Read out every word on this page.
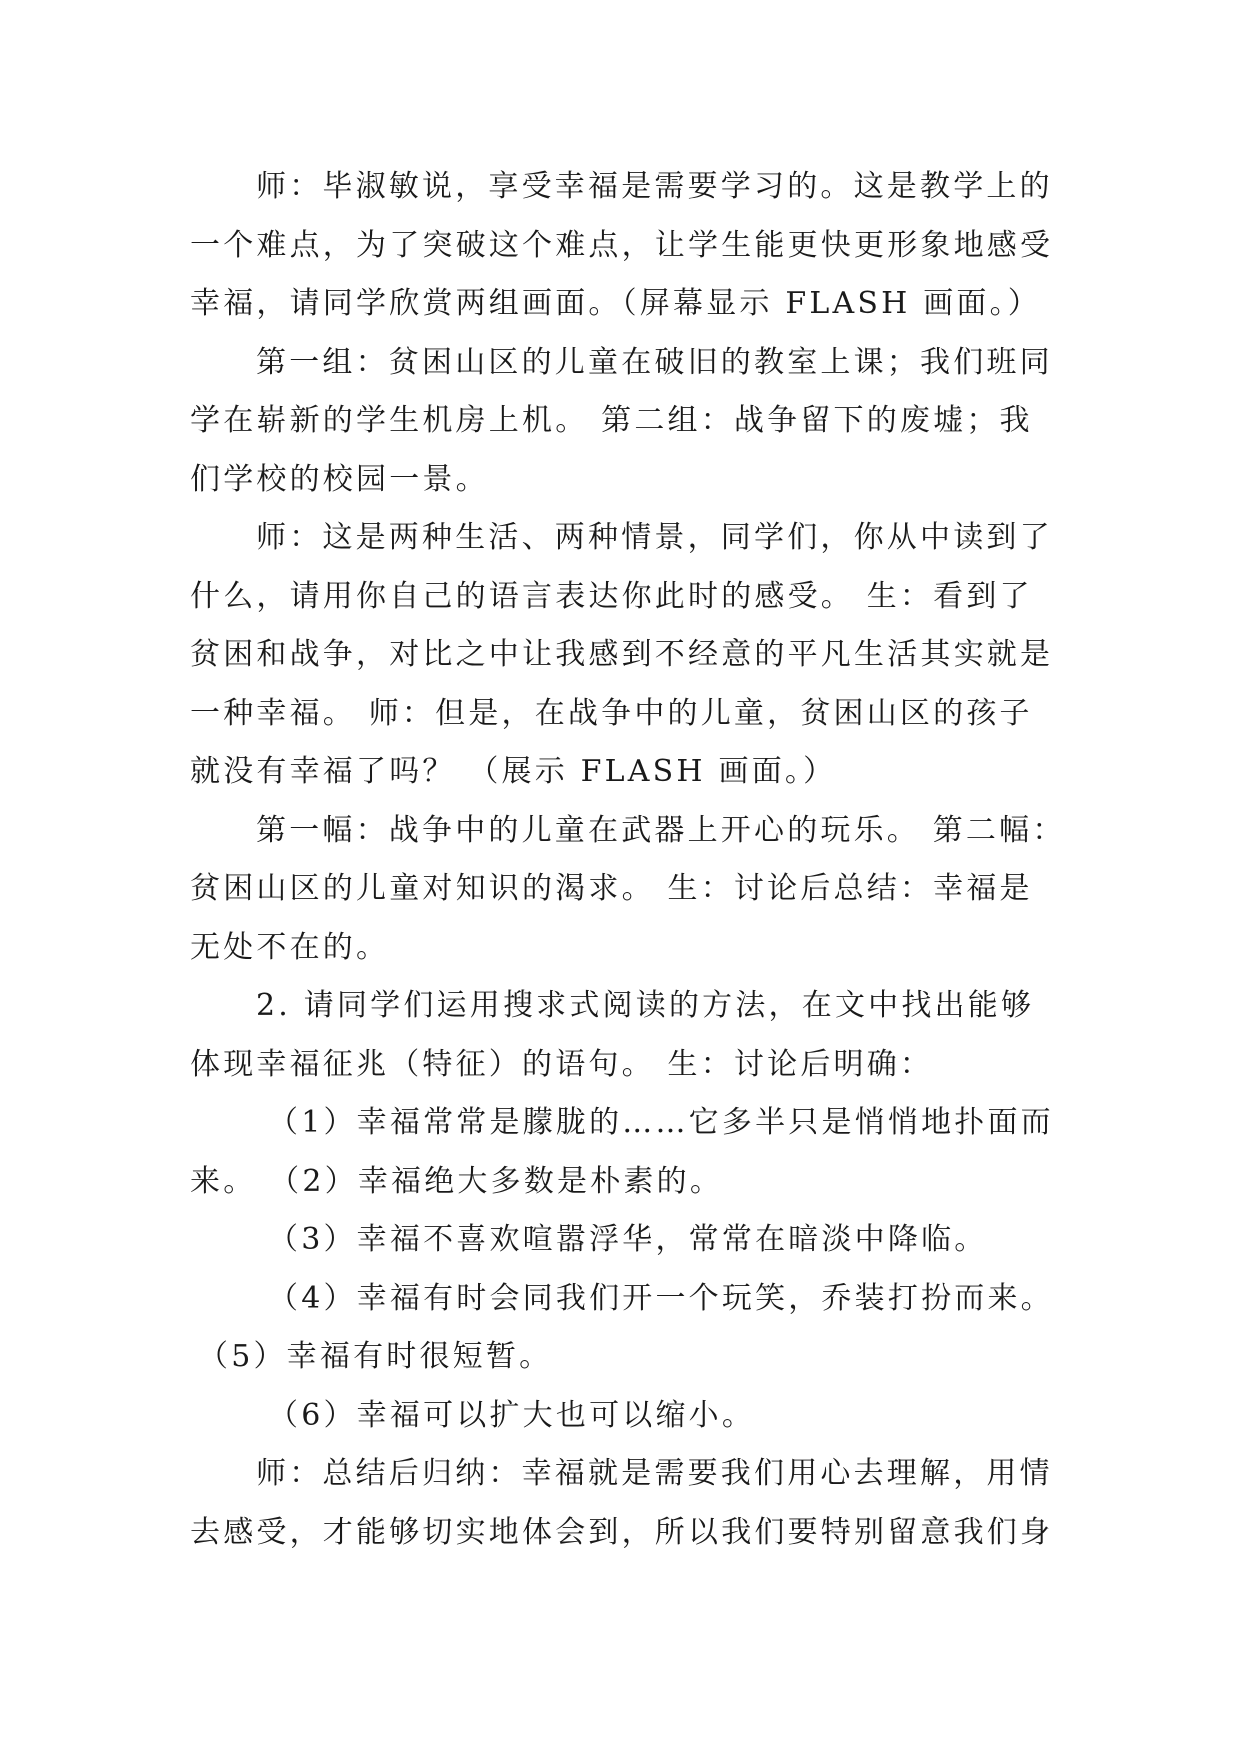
师：毕淑敏说，享受幸福是需要学习的。这是教学上的

一个难点，为了突破这个难点，让学生能更快更形象地感受

幸福，请同学欣赏两组画面。（屏幕显示 FLASH 画面。）

第一组：贫困山区的儿童在破旧的教室上课；我们班同

学在崭新的学生机房上机。 第二组：战争留下的废墟；我

们学校的校园一景。

师：这是两种生活、两种情景，同学们，你从中读到了

什么，请用你自己的语言表达你此时的感受。 生：看到了

贫困和战争，对比之中让我感到不经意的平凡生活其实就是

一种幸福。 师：但是，在战争中的儿童，贫困山区的孩子

就没有幸福了吗？ （展示 FLASH 画面。）

第一幅：战争中的儿童在武器上开心的玩乐。 第二幅：

贫困山区的儿童对知识的渴求。 生：讨论后总结：幸福是

无处不在的。

2. 请同学们运用搜求式阅读的方法，在文中找出能够

体现幸福征兆（特征）的语句。 生：讨论后明确：

（1）幸福常常是朦胧的……它多半只是悄悄地扑面而

来。 （2）幸福绝大多数是朴素的。

（3）幸福不喜欢喧嚣浮华，常常在暗淡中降临。

（4）幸福有时会同我们开一个玩笑，乔装打扮而来。

（5）幸福有时很短暂。

（6）幸福可以扩大也可以缩小。

师：总结后归纳：幸福就是需要我们用心去理解，用情

去感受，才能够切实地体会到，所以我们要特别留意我们身
